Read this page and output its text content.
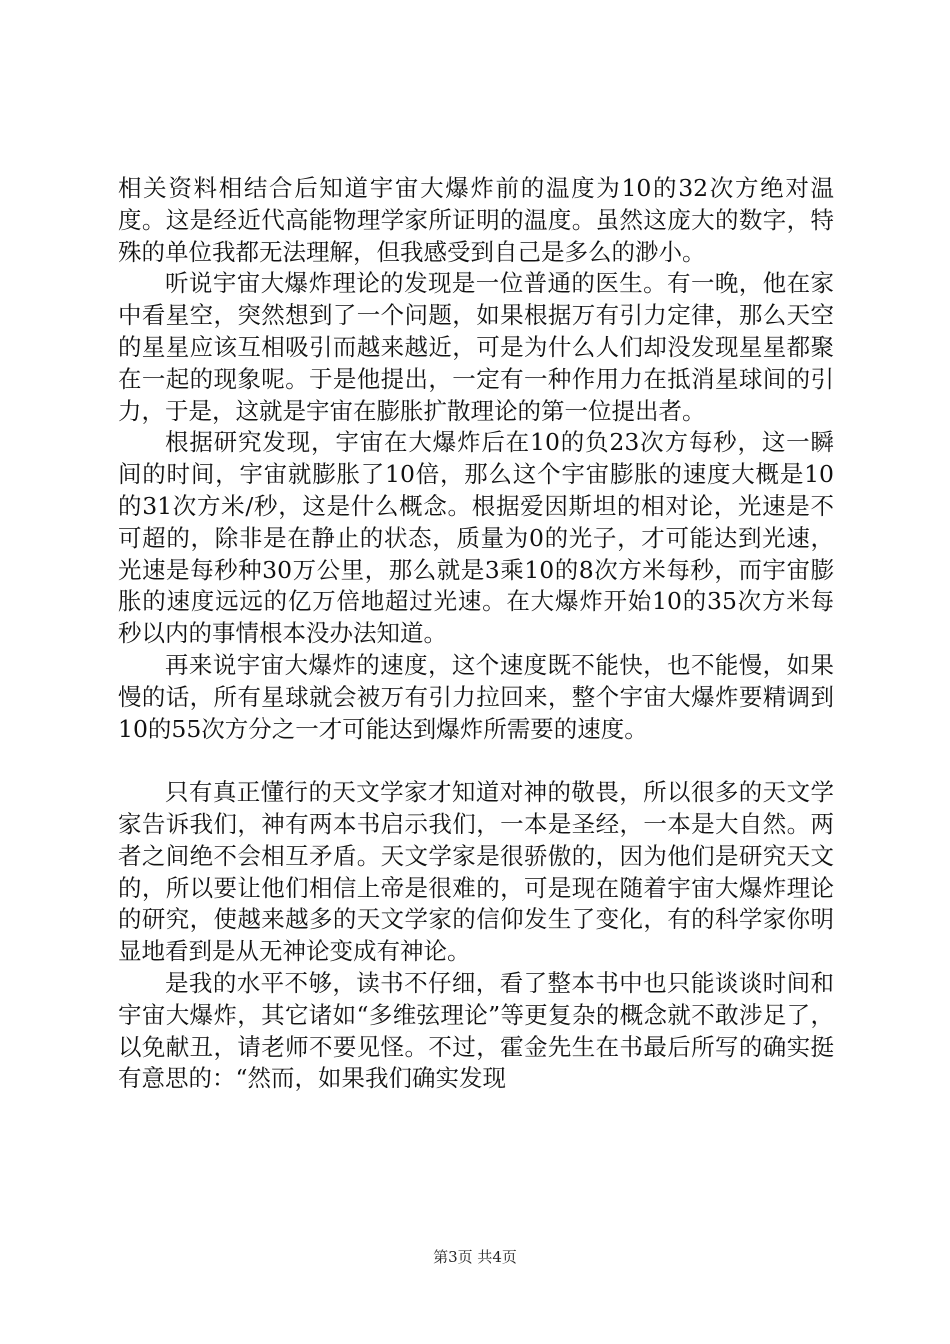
相关资料相结合后知道宇宙大爆炸前的温度为10的32次方绝对温度。这是经近代高能物理学家所证明的温度。虽然这庞大的数字，特殊的单位我都无法理解，但我感受到自己是多么的渺小。

听说宇宙大爆炸理论的发现是一位普通的医生。有一晚，他在家中看星空，突然想到了一个问题，如果根据万有引力定律，那么天空的星星应该互相吸引而越来越近，可是为什么人们却没发现星星都聚在一起的现象呢。于是他提出，一定有一种作用力在抵消星球间的引力，于是，这就是宇宙在膨胀扩散理论的第一位提出者。

根据研究发现，宇宙在大爆炸后在10的负23次方每秒，这一瞬间的时间，宇宙就膨胀了10倍，那么这个宇宙膨胀的速度大概是10的31次方米/秒，这是什么概念。根据爱因斯坦的相对论，光速是不可超的，除非是在静止的状态，质量为0的光子，才可能达到光速，光速是每秒种30万公里，那么就是3乘10的8次方米每秒，而宇宙膨胀的速度远远的亿万倍地超过光速。在大爆炸开始10的35次方米每秒以内的事情根本没办法知道。

再来说宇宙大爆炸的速度，这个速度既不能快，也不能慢，如果慢的话，所有星球就会被万有引力拉回来，整个宇宙大爆炸要精调到10的55次方分之一才可能达到爆炸所需要的速度。

只有真正懂行的天文学家才知道对神的敬畏，所以很多的天文学家告诉我们，神有两本书启示我们，一本是圣经，一本是大自然。两者之间绝不会相互矛盾。天文学家是很骄傲的，因为他们是研究天文的，所以要让他们相信上帝是很难的，可是现在随着宇宙大爆炸理论的研究，使越来越多的天文学家的信仰发生了变化，有的科学家你明显地看到是从无神论变成有神论。

是我的水平不够，读书不仔细，看了整本书中也只能谈谈时间和宇宙大爆炸，其它诸如“多维弦理论”等更复杂的概念就不敢涉足了，以免献丑，请老师不要见怪。不过，霍金先生在书最后所写的确实挺有意思的：“然而，如果我们确实发现

第3页 共4页
